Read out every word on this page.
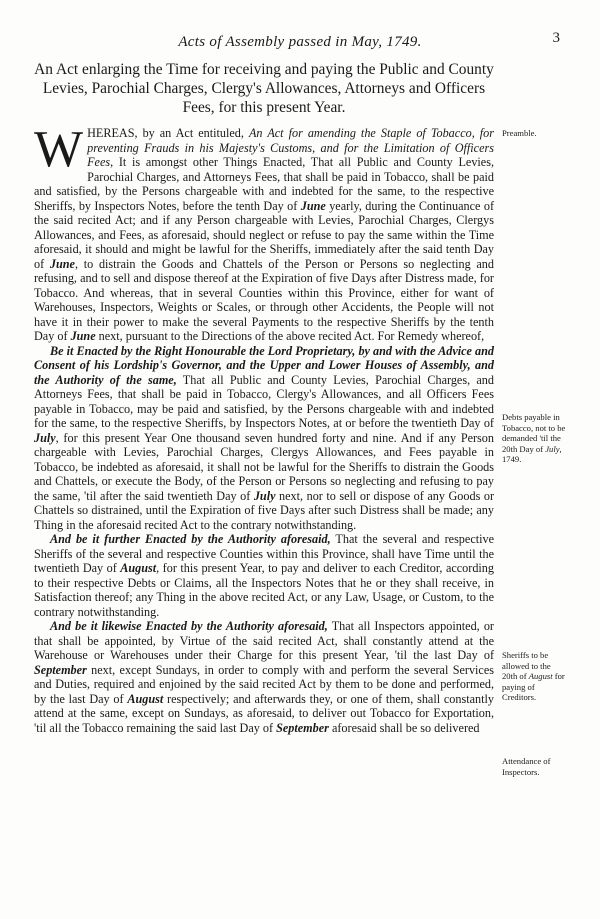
Acts of Assembly passed in May, 1749.	3
An Act enlarging the Time for receiving and paying the Public and County Levies, Parochial Charges, Clergy's Allowances, Attorneys and Officers Fees, for this present Year.

WHEREAS, by an Act entituled, An Act for amending the Staple of Tobacco, for preventing Frauds in his Majesty's Customs, and for the Limitation of Officers Fees, It is amongst other Things Enacted, That all Public and County Levies, Parochial Charges, and Attorneys Fees, that shall be paid in Tobacco, shall be paid and satisfied, by the Persons chargeable with and indebted for the same, to the respective Sheriffs, by Inspectors Notes, before the tenth Day of June yearly, during the Continuance of the said recited Act; and if any Person chargeable with Levies, Parochial Charges, Clergys Allowances, and Fees, as aforesaid, should neglect or refuse to pay the same within the Time aforesaid, it should and might be lawful for the Sheriffs, immediately after the said tenth Day of June, to distrain the Goods and Chattels of the Person or Persons so neglecting and refusing, and to sell and dispose thereof at the Expiration of five Days after Distress made, for Tobacco. And whereas, that in several Counties within this Province, either for want of Warehouses, Inspectors, Weights or Scales, or through other Accidents, the People will not have it in their power to make the several Payments to the respective Sheriffs by the tenth Day of June next, pursuant to the Directions of the above recited Act. For Remedy whereof,

Be it Enacted by the Right Honourable the Lord Proprietary, by and with the Advice and Consent of his Lordship's Governor, and the Upper and Lower Houses of Assembly, and the Authority of the same, That all Public and County Levies, Parochial Charges, and Attorneys Fees, that shall be paid in Tobacco, Clergy's Allowances, and all Officers Fees payable in Tobacco, may be paid and satisfied, by the Persons chargeable with and indebted for the same, to the respective Sheriffs, by Inspectors Notes, at or before the twentieth Day of July, for this present Year One thousand seven hundred forty and nine. And if any Person chargeable with Levies, Parochial Charges, Clergys Allowances, and Fees payable in Tobacco, be indebted as aforesaid, it shall not be lawful for the Sheriffs to distrain the Goods and Chattels, or execute the Body, of the Person or Persons so neglecting and refusing to pay the same, 'til after the said twentieth Day of July next, nor to sell or dispose of any Goods or Chattels so distrained, until the Expiration of five Days after such Distress shall be made; any Thing in the aforesaid recited Act to the contrary notwithstanding.

And be it further Enacted by the Authority aforesaid, That the several and respective Sheriffs of the several and respective Counties within this Province, shall have Time until the twentieth Day of August, for this present Year, to pay and deliver to each Creditor, according to their respective Debts or Claims, all the Inspectors Notes that he or they shall receive, in Satisfaction thereof; any Thing in the above recited Act, or any Law, Usage, or Custom, to the contrary notwithstanding.

And be it likewise Enacted by the Authority aforesaid, That all Inspectors appointed, or that shall be appointed, by Virtue of the said recited Act, shall constantly attend at the Warehouse or Warehouses under their Charge for this present Year, 'til the last Day of September next, except Sundays, in order to comply with and perform the several Services and Duties, required and enjoined by the said recited Act by them to be done and performed, by the last Day of August respectively; and afterwards they, or one of them, shall constantly attend at the same, except on Sundays, as aforesaid, to deliver out Tobacco for Exportation, 'til all the Tobacco remaining the said last Day of September aforesaid shall be so delivered

Preamble.
Debts payable in Tobacco, not to be demanded 'til the 20th Day of July, 1749.
Sheriffs to be allowed to the 20th of August for paying of Creditors.
Attendance of Inspectors.
